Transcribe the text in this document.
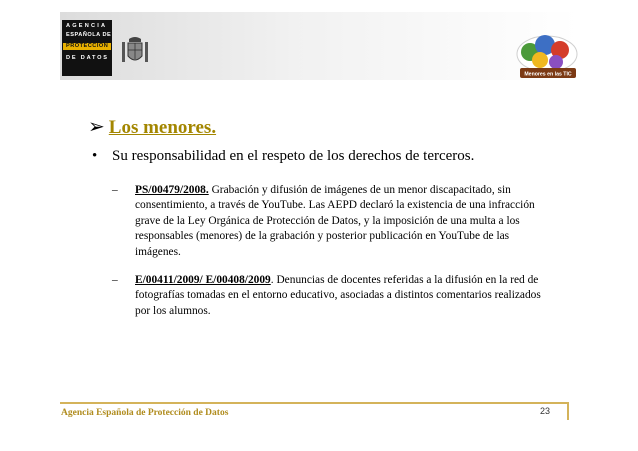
AGENCIA
ESPAÑOLA DE
PROTECCIÓN
DE DATOS
Menores en las TIC
➢ Los menores.
• Su responsabilidad en el respeto de los derechos de terceros.
– PS/00479/2008. Grabación y difusión de imágenes de un menor discapacitado, sin consentimiento, a través de YouTube. Las AEPD declaró la existencia de una infracción grave de la Ley Orgánica de Protección de Datos, y la imposición de una multa a los responsables (menores) de la grabación y posterior publicación en YouTube de las imágenes.
– E/00411/2009/ E/00408/2009. Denuncias de docentes referidas a la difusión en la red de fotografías tomadas en el entorno educativo, asociadas a distintos comentarios realizados por los alumnos.
Agencia Española de Protección de Datos	23
